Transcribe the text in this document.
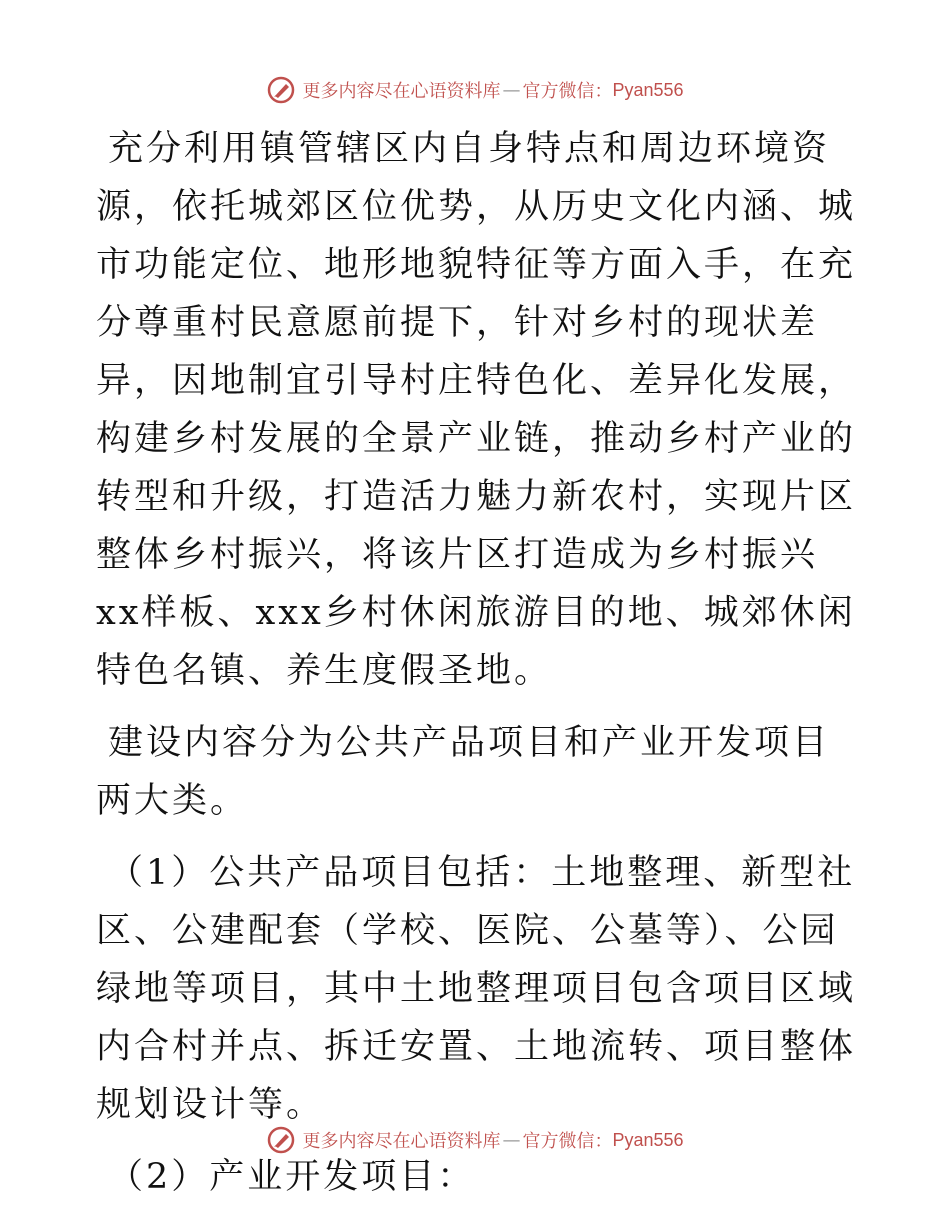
更多内容尽在心语资料库 — 官方微信： Pyan556

充分利用镇管辖区内自身特点和周边环境资源，依托城郊区位优势，从历史文化内涵、城市功能定位、地形地貌特征等方面入手，在充分尊重村民意愿前提下，针对乡村的现状差异，因地制宜引导村庄特色化、差异化发展，构建乡村发展的全景产业链，推动乡村产业的转型和升级，打造活力魅力新农村，实现片区整体乡村振兴，将该片区打造成为乡村振兴xx样板、xxx乡村休闲旅游目的地、城郊休闲特色名镇、养生度假圣地。

建设内容分为公共产品项目和产业开发项目两大类。

（1）公共产品项目包括：土地整理、新型社区、公建配套（学校、医院、公墓等）、公园绿地等项目，其中土地整理项目包含项目区域内合村并点、拆迁安置、土地流转、项目整体规划设计等。

（2）产业开发项目：

更多内容尽在心语资料库 — 官方微信： Pyan556
